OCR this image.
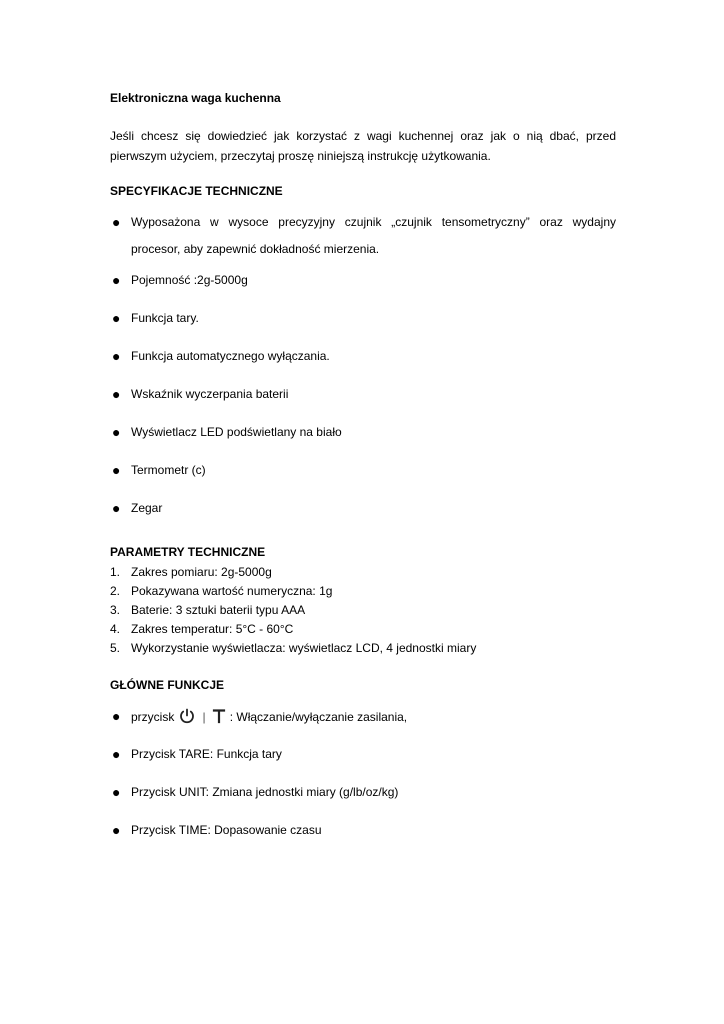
Elektroniczna waga kuchenna

Jeśli chcesz się dowiedzieć jak korzystać z wagi kuchennej oraz jak o nią dbać, przed
pierwszym użyciem, przeczytaj proszę niniejszą instrukcję użytkowania.

SPECYFIKACJE TECHNICZNE

● Wyposażona w wysoce precyzyjny czujnik „czujnik tensometryczny” oraz wydajny
procesor, aby zapewnić dokładność mierzenia.
● Pojemność :2g-5000g
● Funkcja tary.
● Funkcja automatycznego wyłączania.
● Wskaźnik wyczerpania baterii
● Wyświetlacz LED podświetlany na biało
● Termometr (c)
● Zegar

PARAMETRY TECHNICZNE

1. Zakres pomiaru: 2g-5000g
2. Pokazywana wartość numeryczna: 1g
3. Baterie: 3 sztuki baterii typu AAA
4. Zakres temperatur: 5°C - 60°C
5. Wykorzystanie wyświetlacza: wyświetlacz LCD, 4 jednostki miary

GŁÓWNE FUNKCJE

● przycisk | : Włączanie/wyłączanie zasilania,
● Przycisk TARE: Funkcja tary
● Przycisk UNIT: Zmiana jednostki miary (g/lb/oz/kg)
● Przycisk TIME: Dopasowanie czasu
